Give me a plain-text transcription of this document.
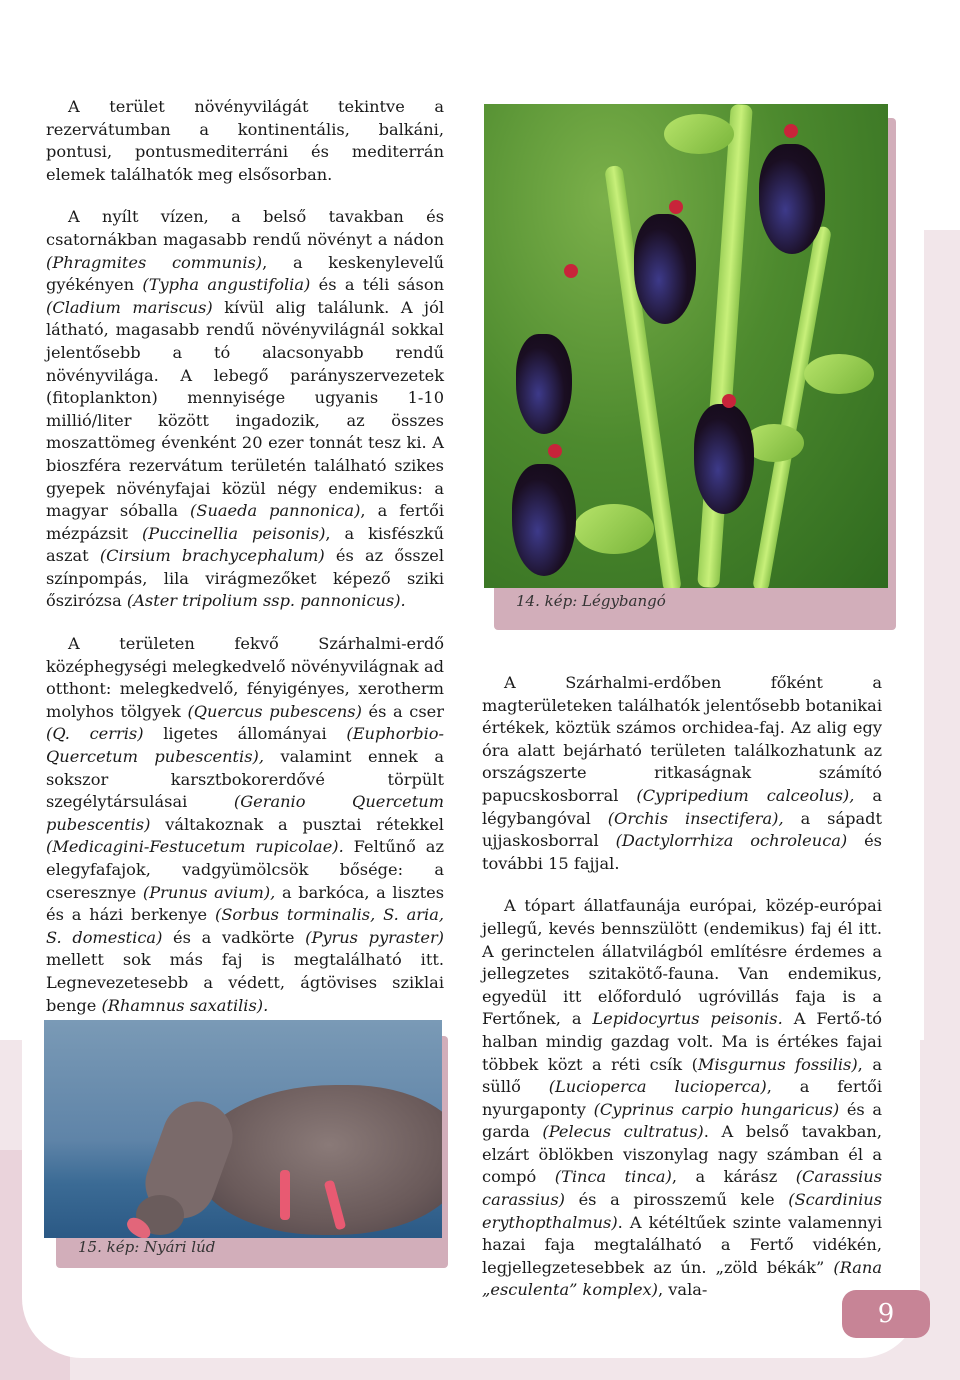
A terület növényvilágát tekintve a rezervátumban a kontinentális, balkáni, pontusi, pontusmediterráni és mediterrán elemek találhatók meg elsősorban.

A nyílt vízen, a belső tavakban és csatornákban magasabb rendű növényt a nádon (Phragmites communis), a keskenylevelű gyékényen (Typha angustifolia) és a téli sáson (Cladium mariscus) kívül alig találunk. A jól látható, magasabb rendű növényvilágnál sokkal jelentősebb a tó alacsonyabb rendű növényvilága. A lebegő parányszervezetek (fitoplankton) mennyisége ugyanis 1-10 millió/liter között ingadozik, az összes moszattömeg évenként 20 ezer tonnát tesz ki. A bioszféra rezervátum területén található szikes gyepek növényfajai közül négy endemikus: a magyar sóballa (Suaeda pannonica), a fertői mézpázsit (Puccinellia peisonis), a kisfészkű aszat (Cirsium brachycephalum) és az ősszel színpompás, lila virágmezőket képező sziki őszirózsa (Aster tripolium ssp. pannonicus).

A területen fekvő Szárhalmi-erdő középhegységi melegkedvelő növényvilágnak ad otthont: melegkedvelő, fényigényes, xerotherm molyhos tölgyek (Quercus pubescens) és a cser (Q. cerris) ligetes állományai (Euphorbio-Quercetum pubescentis), valamint ennek a sokszor karsztbokorerdővé törpült szegélytársulásai (Geranio Quercetum pubescentis) váltakoznak a pusztai rétekkel (Medicagini-Festucetum rupicolae). Feltűnő az elegyfafajok, vadgyümölcsök bősége: a cseresznye (Prunus avium), a barkóca, a lisztes és a házi berkenye (Sorbus torminalis, S. aria, S. domestica) és a vadkörte (Pyrus pyraster) mellett sok más faj is megtalálható itt. Legnevezetesebb a védett, ágtövises sziklai benge (Rhamnus saxatilis).

14. kép: Légybangó
15. kép: Nyári lúd

A Szárhalmi-erdőben főként a magterületeken találhatók jelentősebb botanikai értékek, köztük számos orchidea-faj. Az alig egy óra alatt bejárható területen találkozhatunk az országszerte ritkaságnak számító papucskosborral (Cypripedium calceolus), a légybangóval (Orchis insectifera), a sápadt ujjaskosborral (Dactylorrhiza ochroleuca) és további 15 fajjal.

A tópart állatfaunája európai, közép-európai jellegű, kevés bennszülött (endemikus) faj él itt. A gerinctelen állatvilágból említésre érdemes a jellegzetes szitakötő-fauna. Van endemikus, egyedül itt előforduló ugróvillás faja is a Fertőnek, a Lepidocyrtus peisonis. A Fertő-tó halban mindig gazdag volt. Ma is értékes fajai többek közt a réti csík (Misgurnus fossilis), a süllő (Lucioperca lucioperca), a fertői nyurgaponty (Cyprinus carpio hungaricus) és a garda (Pelecus cultratus). A belső tavakban, elzárt öblökben viszonylag nagy számban él a compó (Tinca tinca), a kárász (Carassius carassius) és a pirosszemű kele (Scardinius erythopthalmus). A kétéltűek szinte valamennyi hazai faja megtalálható a Fertő vidékén, legjellegzetesebbek az ún. „zöld békák” (Rana „esculenta” komplex), vala-

9
